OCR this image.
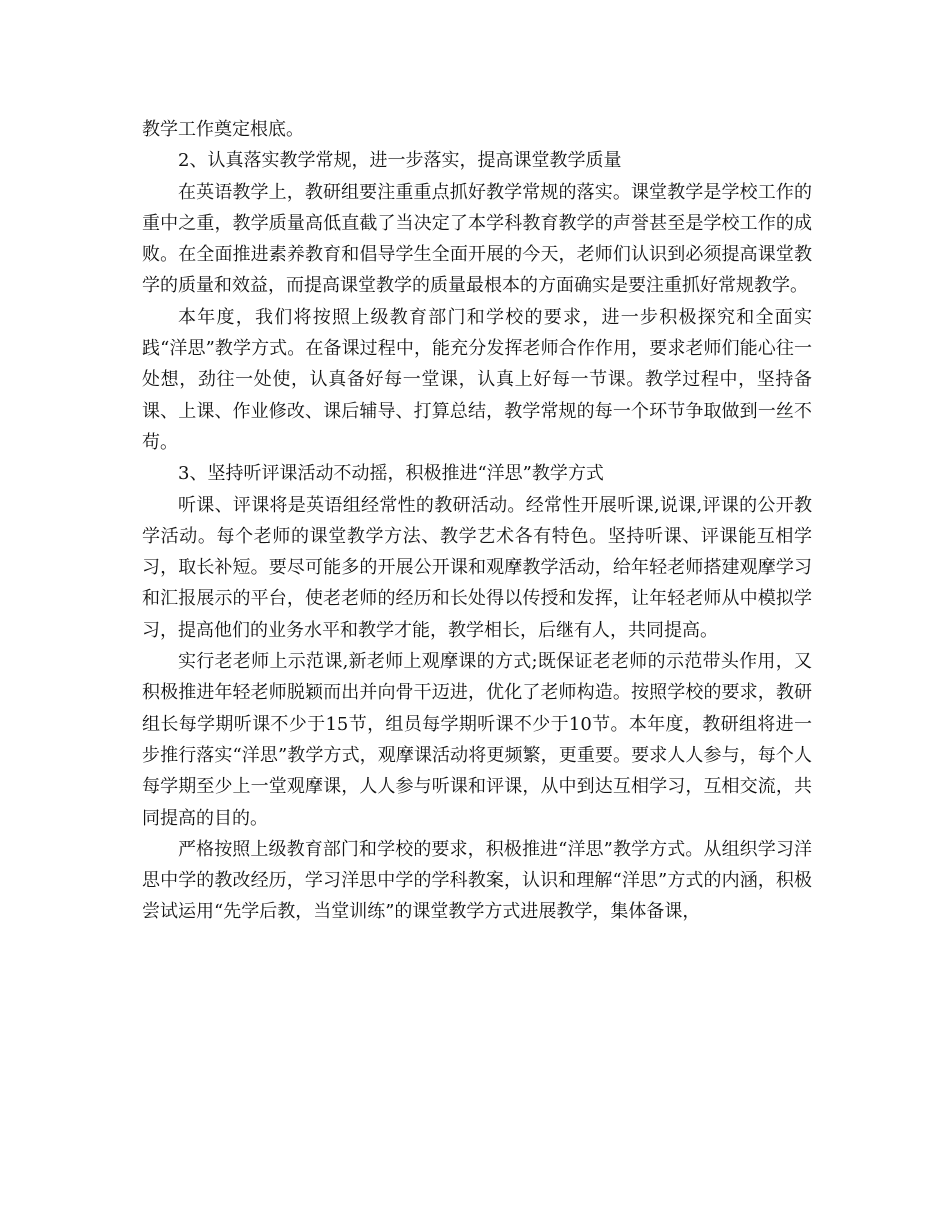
教学工作奠定根底。

2、认真落实教学常规，进一步落实，提高课堂教学质量

在英语教学上，教研组要注重重点抓好教学常规的落实。课堂教学是学校工作的重中之重，教学质量高低直截了当决定了本学科教育教学的声誉甚至是学校工作的成败。在全面推进素养教育和倡导学生全面开展的今天，老师们认识到必须提高课堂教学的质量和效益，而提高课堂教学的质量最根本的方面确实是要注重抓好常规教学。

本年度，我们将按照上级教育部门和学校的要求，进一步积极探究和全面实践“洋思”教学方式。在备课过程中，能充分发挥老师合作作用，要求老师们能心往一处想，劲往一处使，认真备好每一堂课，认真上好每一节课。教学过程中，坚持备课、上课、作业修改、课后辅导、打算总结，教学常规的每一个环节争取做到一丝不苟。

3、坚持听评课活动不动摇，积极推进“洋思”教学方式

听课、评课将是英语组经常性的教研活动。经常性开展听课,说课,评课的公开教学活动。每个老师的课堂教学方法、教学艺术各有特色。坚持听课、评课能互相学习，取长补短。要尽可能多的开展公开课和观摩教学活动，给年轻老师搭建观摩学习和汇报展示的平台，使老老师的经历和长处得以传授和发挥，让年轻老师从中模拟学习，提高他们的业务水平和教学才能，教学相长，后继有人，共同提高。

实行老老师上示范课,新老师上观摩课的方式;既保证老老师的示范带头作用，又积极推进年轻老师脱颖而出并向骨干迈进，优化了老师构造。按照学校的要求，教研组长每学期听课不少于15节，组员每学期听课不少于10节。本年度，教研组将进一步推行落实“洋思”教学方式，观摩课活动将更频繁，更重要。要求人人参与，每个人每学期至少上一堂观摩课，人人参与听课和评课，从中到达互相学习，互相交流，共同提高的目的。

严格按照上级教育部门和学校的要求，积极推进“洋思”教学方式。从组织学习洋思中学的教改经历，学习洋思中学的学科教案，认识和理解“洋思”方式的内涵，积极尝试运用“先学后教，当堂训练”的课堂教学方式进展教学，集体备课，
